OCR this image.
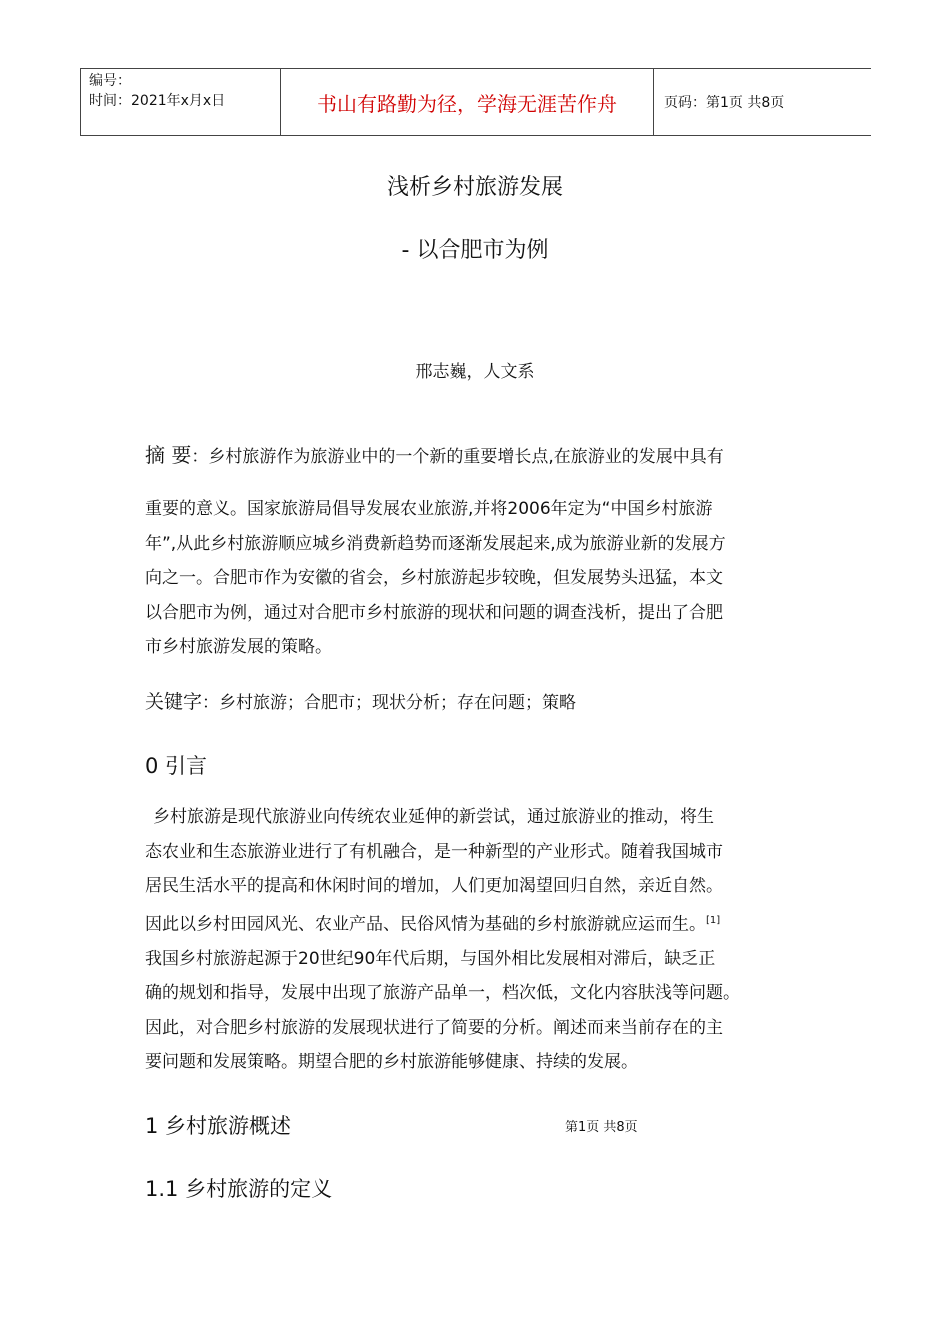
编号：
时间：2021年x月x日	书山有路勤为径，学海无涯苦作舟	页码：第1页 共8页
浅析乡村旅游发展
- 以合肥市为例
邢志巍，人文系
摘 要：乡村旅游作为旅游业中的一个新的重要增长点,在旅游业的发展中具有

重要的意义。国家旅游局倡导发展农业旅游,并将2006年定为“中国乡村旅游

年”,从此乡村旅游顺应城乡消费新趋势而逐渐发展起来,成为旅游业新的发展方

向之一。合肥市作为安徽的省会，乡村旅游起步较晚，但发展势头迅猛，本文

以合肥市为例，通过对合肥市乡村旅游的现状和问题的调查浅析，提出了合肥

市乡村旅游发展的策略。

关键字：乡村旅游；合肥市；现状分析；存在问题；策略
0 引言

乡村旅游是现代旅游业向传统农业延伸的新尝试，通过旅游业的推动，将生

态农业和生态旅游业进行了有机融合，是一种新型的产业形式。随着我国城市

居民生活水平的提高和休闲时间的增加，人们更加渴望回归自然，亲近自然。

因此以乡村田园风光、农业产品、民俗风情为基础的乡村旅游就应运而生。[1]

我国乡村旅游起源于20世纪90年代后期，与国外相比发展相对滞后，缺乏正

确的规划和指导，发展中出现了旅游产品单一，档次低，文化内容肤浅等问题。

因此，对合肥乡村旅游的发展现状进行了简要的分析。阐述而来当前存在的主

要问题和发展策略。期望合肥的乡村旅游能够健康、持续的发展。

1 乡村旅游概述	第1页 共8页
1.1 乡村旅游的定义
